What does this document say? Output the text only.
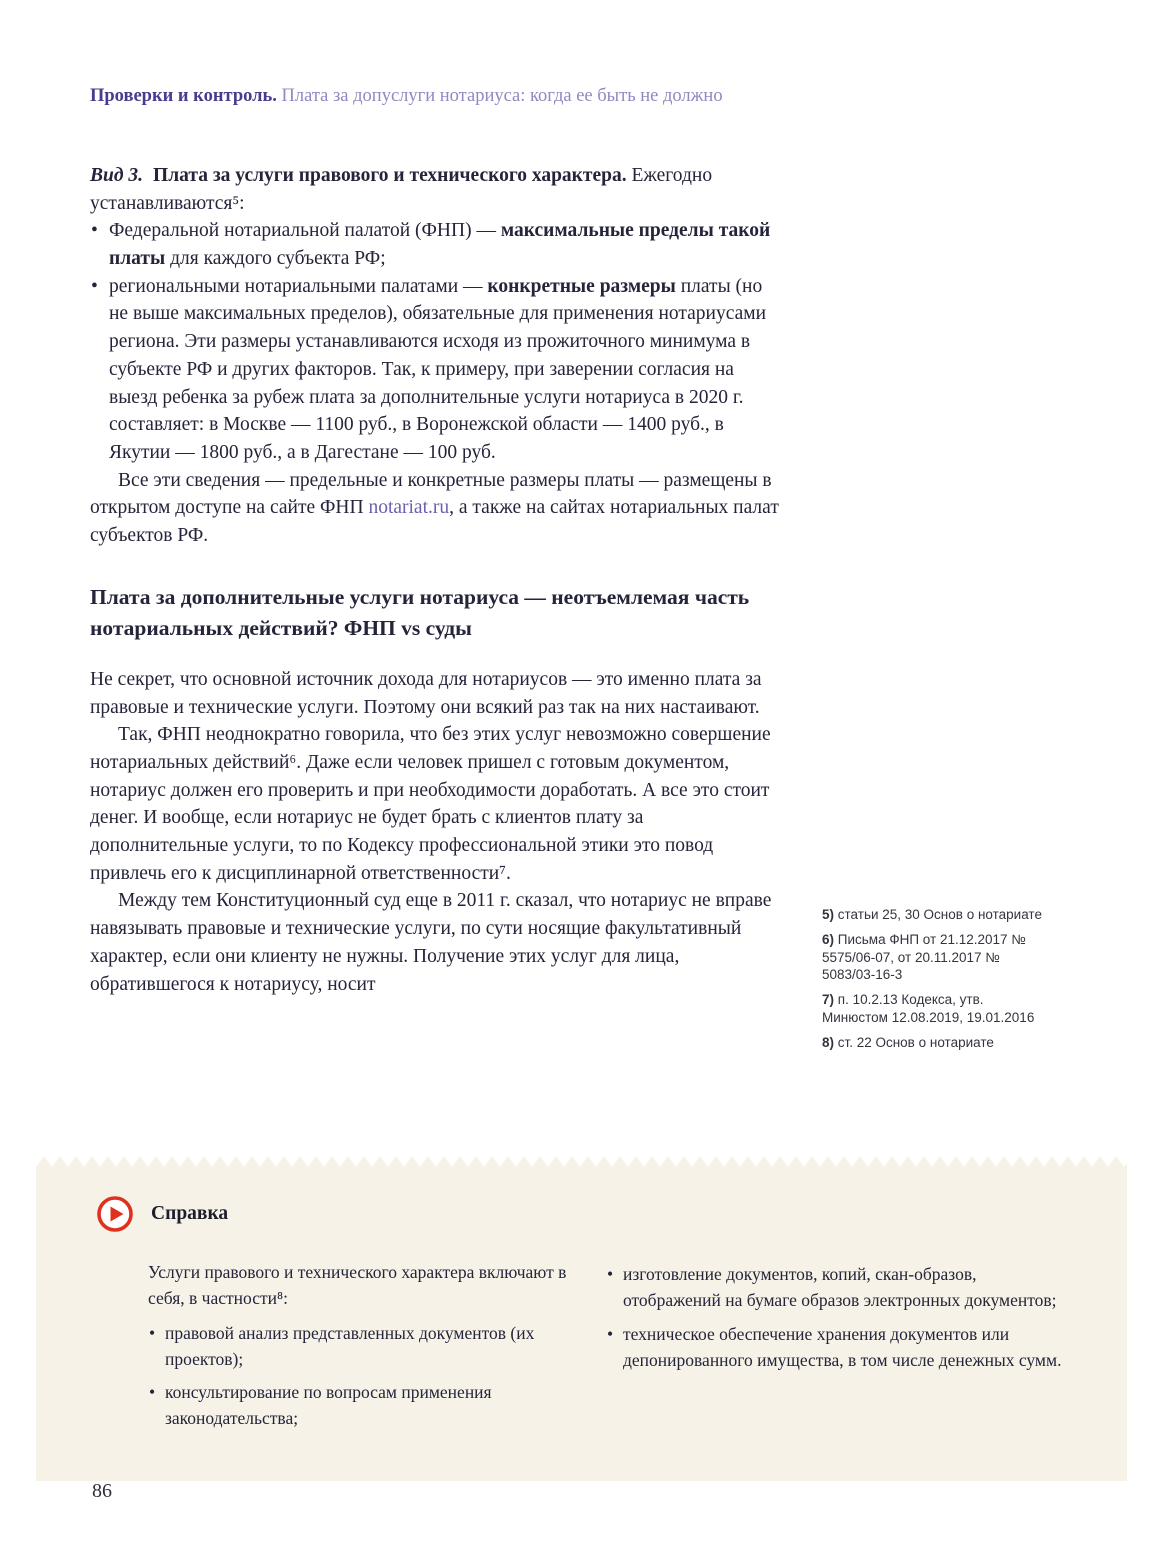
Проверки и контроль. Плата за допуслуги нотариуса: когда ее быть не должно

Вид 3. Плата за услуги правового и технического характера. Ежегодно устанавливаются⁵:

• Федеральной нотариальной палатой (ФНП) — максимальные пределы такой платы для каждого субъекта РФ;
• региональными нотариальными палатами — конкретные размеры платы (но не выше максимальных пределов), обязательные для применения нотариусами региона. Эти размеры устанавливаются исходя из прожиточного минимума в субъекте РФ и других факторов. Так, к примеру, при заверении согласия на выезд ребенка за рубеж плата за дополнительные услуги нотариуса в 2020 г. составляет: в Москве — 1100 руб., в Воронежской области — 1400 руб., в Якутии — 1800 руб., а в Дагестане — 100 руб.

Все эти сведения — предельные и конкретные размеры платы — размещены в открытом доступе на сайте ФНП notariat.ru, а также на сайтах нотариальных палат субъектов РФ.

Плата за дополнительные услуги нотариуса — неотъемлемая часть нотариальных действий? ФНП vs суды

Не секрет, что основной источник дохода для нотариусов — это именно плата за правовые и технические услуги. Поэтому они всякий раз так на них настаивают.

Так, ФНП неоднократно говорила, что без этих услуг невозможно совершение нотариальных действий⁶. Даже если человек пришел с готовым документом, нотариус должен его проверить и при необходимости доработать. А все это стоит денег. И вообще, если нотариус не будет брать с клиентов плату за дополнительные услуги, то по Кодексу профессиональной этики это повод привлечь его к дисциплинарной ответственности⁷.

Между тем Конституционный суд еще в 2011 г. сказал, что нотариус не вправе навязывать правовые и технические услуги, по сути носящие факультативный характер, если они клиенту не нужны. Получение этих услуг для лица, обратившегося к нотариусу, носит

5) статьи 25, 30 Основ о нотариате
6) Письма ФНП от 21.12.2017 № 5575/06-07, от 20.11.2017 № 5083/03-16-3
7) п. 10.2.13 Кодекса, утв. Минюстом 12.08.2019, 19.01.2016
8) ст. 22 Основ о нотариате
Справка

Услуги правового и технического характера включают в себя, в частности⁸:

• правовой анализ представленных документов (их проектов);
• консультирование по вопросам применения законодательства;
• изготовление документов, копий, скан-образов, отображений на бумаге образов электронных документов;
• техническое обеспечение хранения документов или депонированного имущества, в том числе денежных сумм.
86
